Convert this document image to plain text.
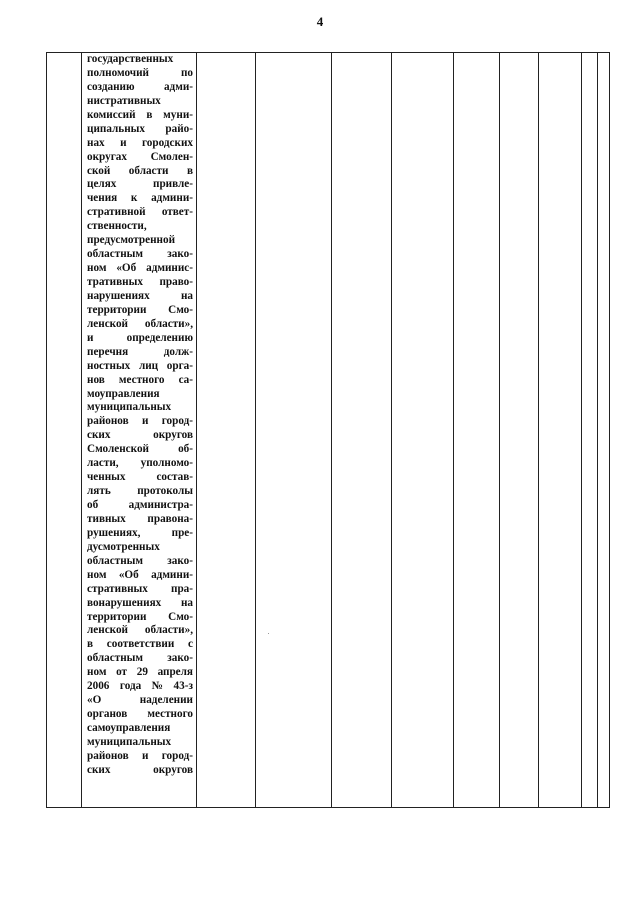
4
государственных
полномочий	по
созданию	адми-
нистративных
комиссий в муни-
ципальных райо-
нах и городских
округах Смолен-
ской области в
целях	привле-
чения к админи-
стративной ответ-
ственности,
предусмотренной
областным зако-
ном «Об админис-
тративных право-
нарушениях	на
территории Смо-
ленской области»,
и	определению
перечня	долж-
ностных лиц орга-
нов местного са-
моуправления
муниципальных
районов и город-
ских	округов
Смоленской	об-
ласти, уполномо-
ченных	состав-
лять протоколы
об	администра-
тивных правона-
рушениях,	пре-
дусмотренных
областным зако-
ном «Об админи-
стративных пра-
вонарушениях на
территории Смо-
ленской области»,
в соответствии с
областным зако-
ном от 29 апреля
2006 года № 43-з
«О	наделении
органов местного
самоуправления
муниципальных
районов и город-
ских	округов
